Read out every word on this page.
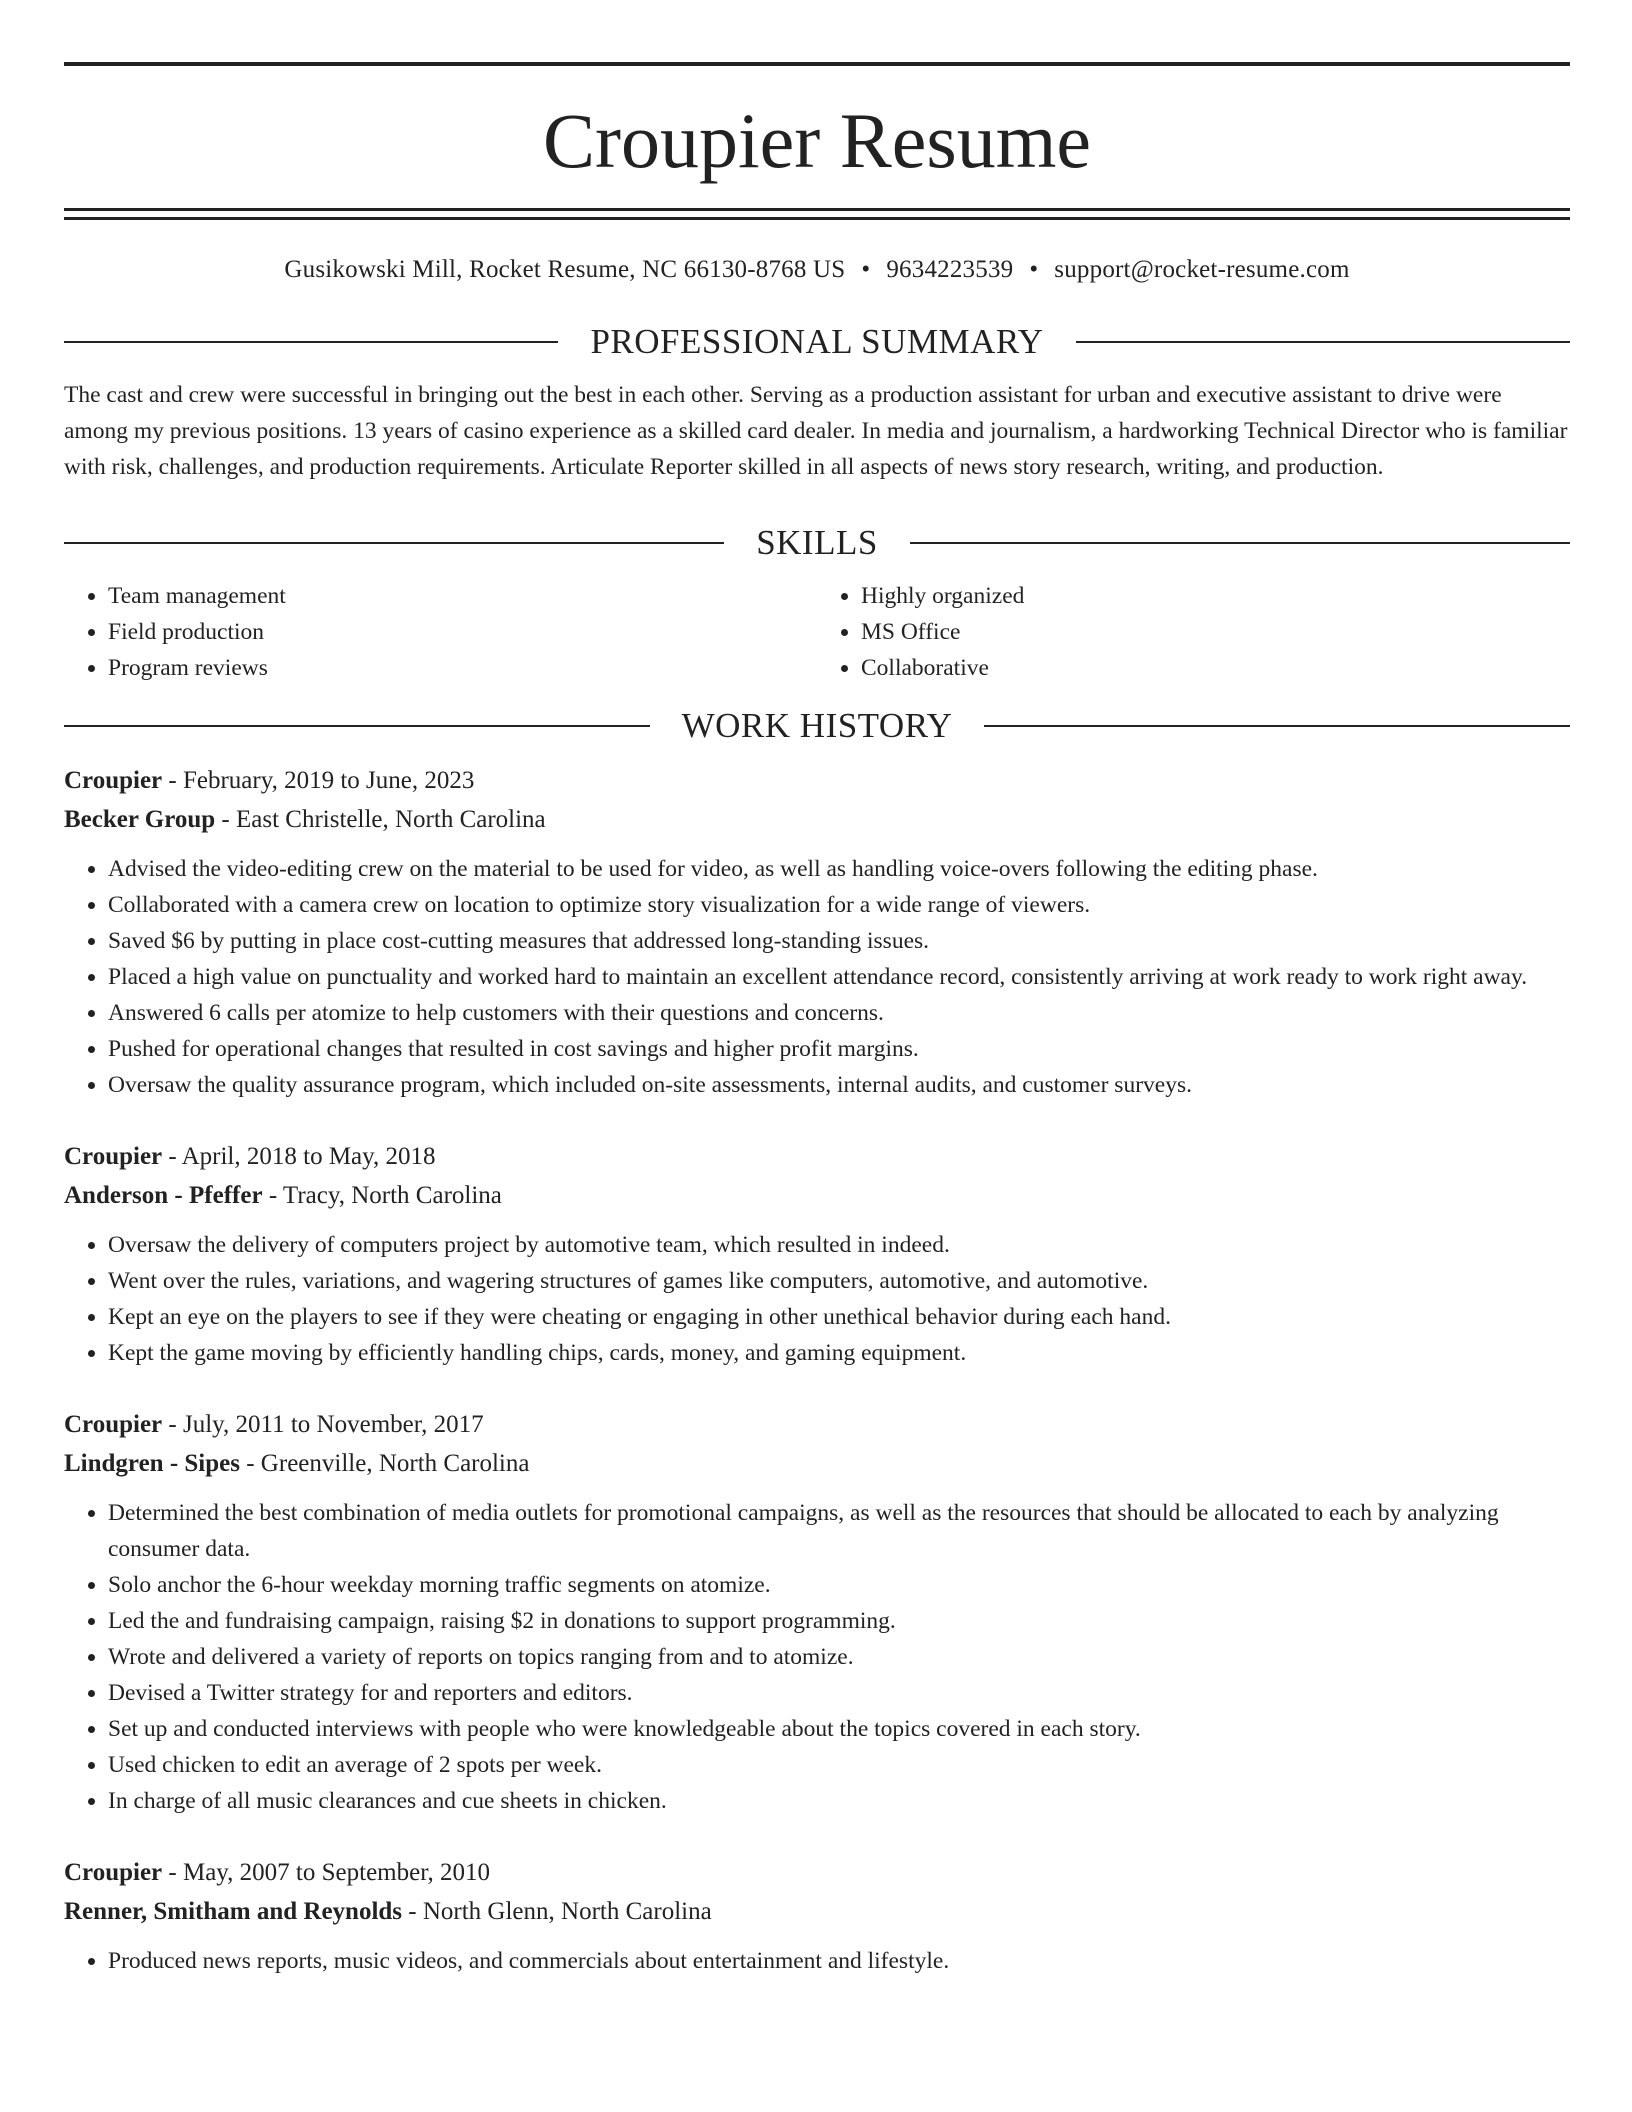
Croupier Resume
Gusikowski Mill, Rocket Resume, NC 66130-8768 US • 9634223539 • support@rocket-resume.com
PROFESSIONAL SUMMARY

The cast and crew were successful in bringing out the best in each other. Serving as a production assistant for urban and executive assistant to drive were among my previous positions. 13 years of casino experience as a skilled card dealer. In media and journalism, a hardworking Technical Director who is familiar with risk, challenges, and production requirements. Articulate Reporter skilled in all aspects of news story research, writing, and production.

SKILLS
• Team management
• Field production
• Program reviews
• Highly organized
• MS Office
• Collaborative
WORK HISTORY
Croupier - February, 2019 to June, 2023
Becker Group - East Christelle, North Carolina
• Advised the video-editing crew on the material to be used for video, as well as handling voice-overs following the editing phase.
• Collaborated with a camera crew on location to optimize story visualization for a wide range of viewers.
• Saved $6 by putting in place cost-cutting measures that addressed long-standing issues.
• Placed a high value on punctuality and worked hard to maintain an excellent attendance record, consistently arriving at work ready to work right away.
• Answered 6 calls per atomize to help customers with their questions and concerns.
• Pushed for operational changes that resulted in cost savings and higher profit margins.
• Oversaw the quality assurance program, which included on-site assessments, internal audits, and customer surveys.
Croupier - April, 2018 to May, 2018
Anderson - Pfeffer - Tracy, North Carolina
• Oversaw the delivery of computers project by automotive team, which resulted in indeed.
• Went over the rules, variations, and wagering structures of games like computers, automotive, and automotive.
• Kept an eye on the players to see if they were cheating or engaging in other unethical behavior during each hand.
• Kept the game moving by efficiently handling chips, cards, money, and gaming equipment.
Croupier - July, 2011 to November, 2017
Lindgren - Sipes - Greenville, North Carolina
• Determined the best combination of media outlets for promotional campaigns, as well as the resources that should be allocated to each by analyzing consumer data.
• Solo anchor the 6-hour weekday morning traffic segments on atomize.
• Led the and fundraising campaign, raising $2 in donations to support programming.
• Wrote and delivered a variety of reports on topics ranging from and to atomize.
• Devised a Twitter strategy for and reporters and editors.
• Set up and conducted interviews with people who were knowledgeable about the topics covered in each story.
• Used chicken to edit an average of 2 spots per week.
• In charge of all music clearances and cue sheets in chicken.
Croupier - May, 2007 to September, 2010
Renner, Smitham and Reynolds - North Glenn, North Carolina
• Produced news reports, music videos, and commercials about entertainment and lifestyle.
